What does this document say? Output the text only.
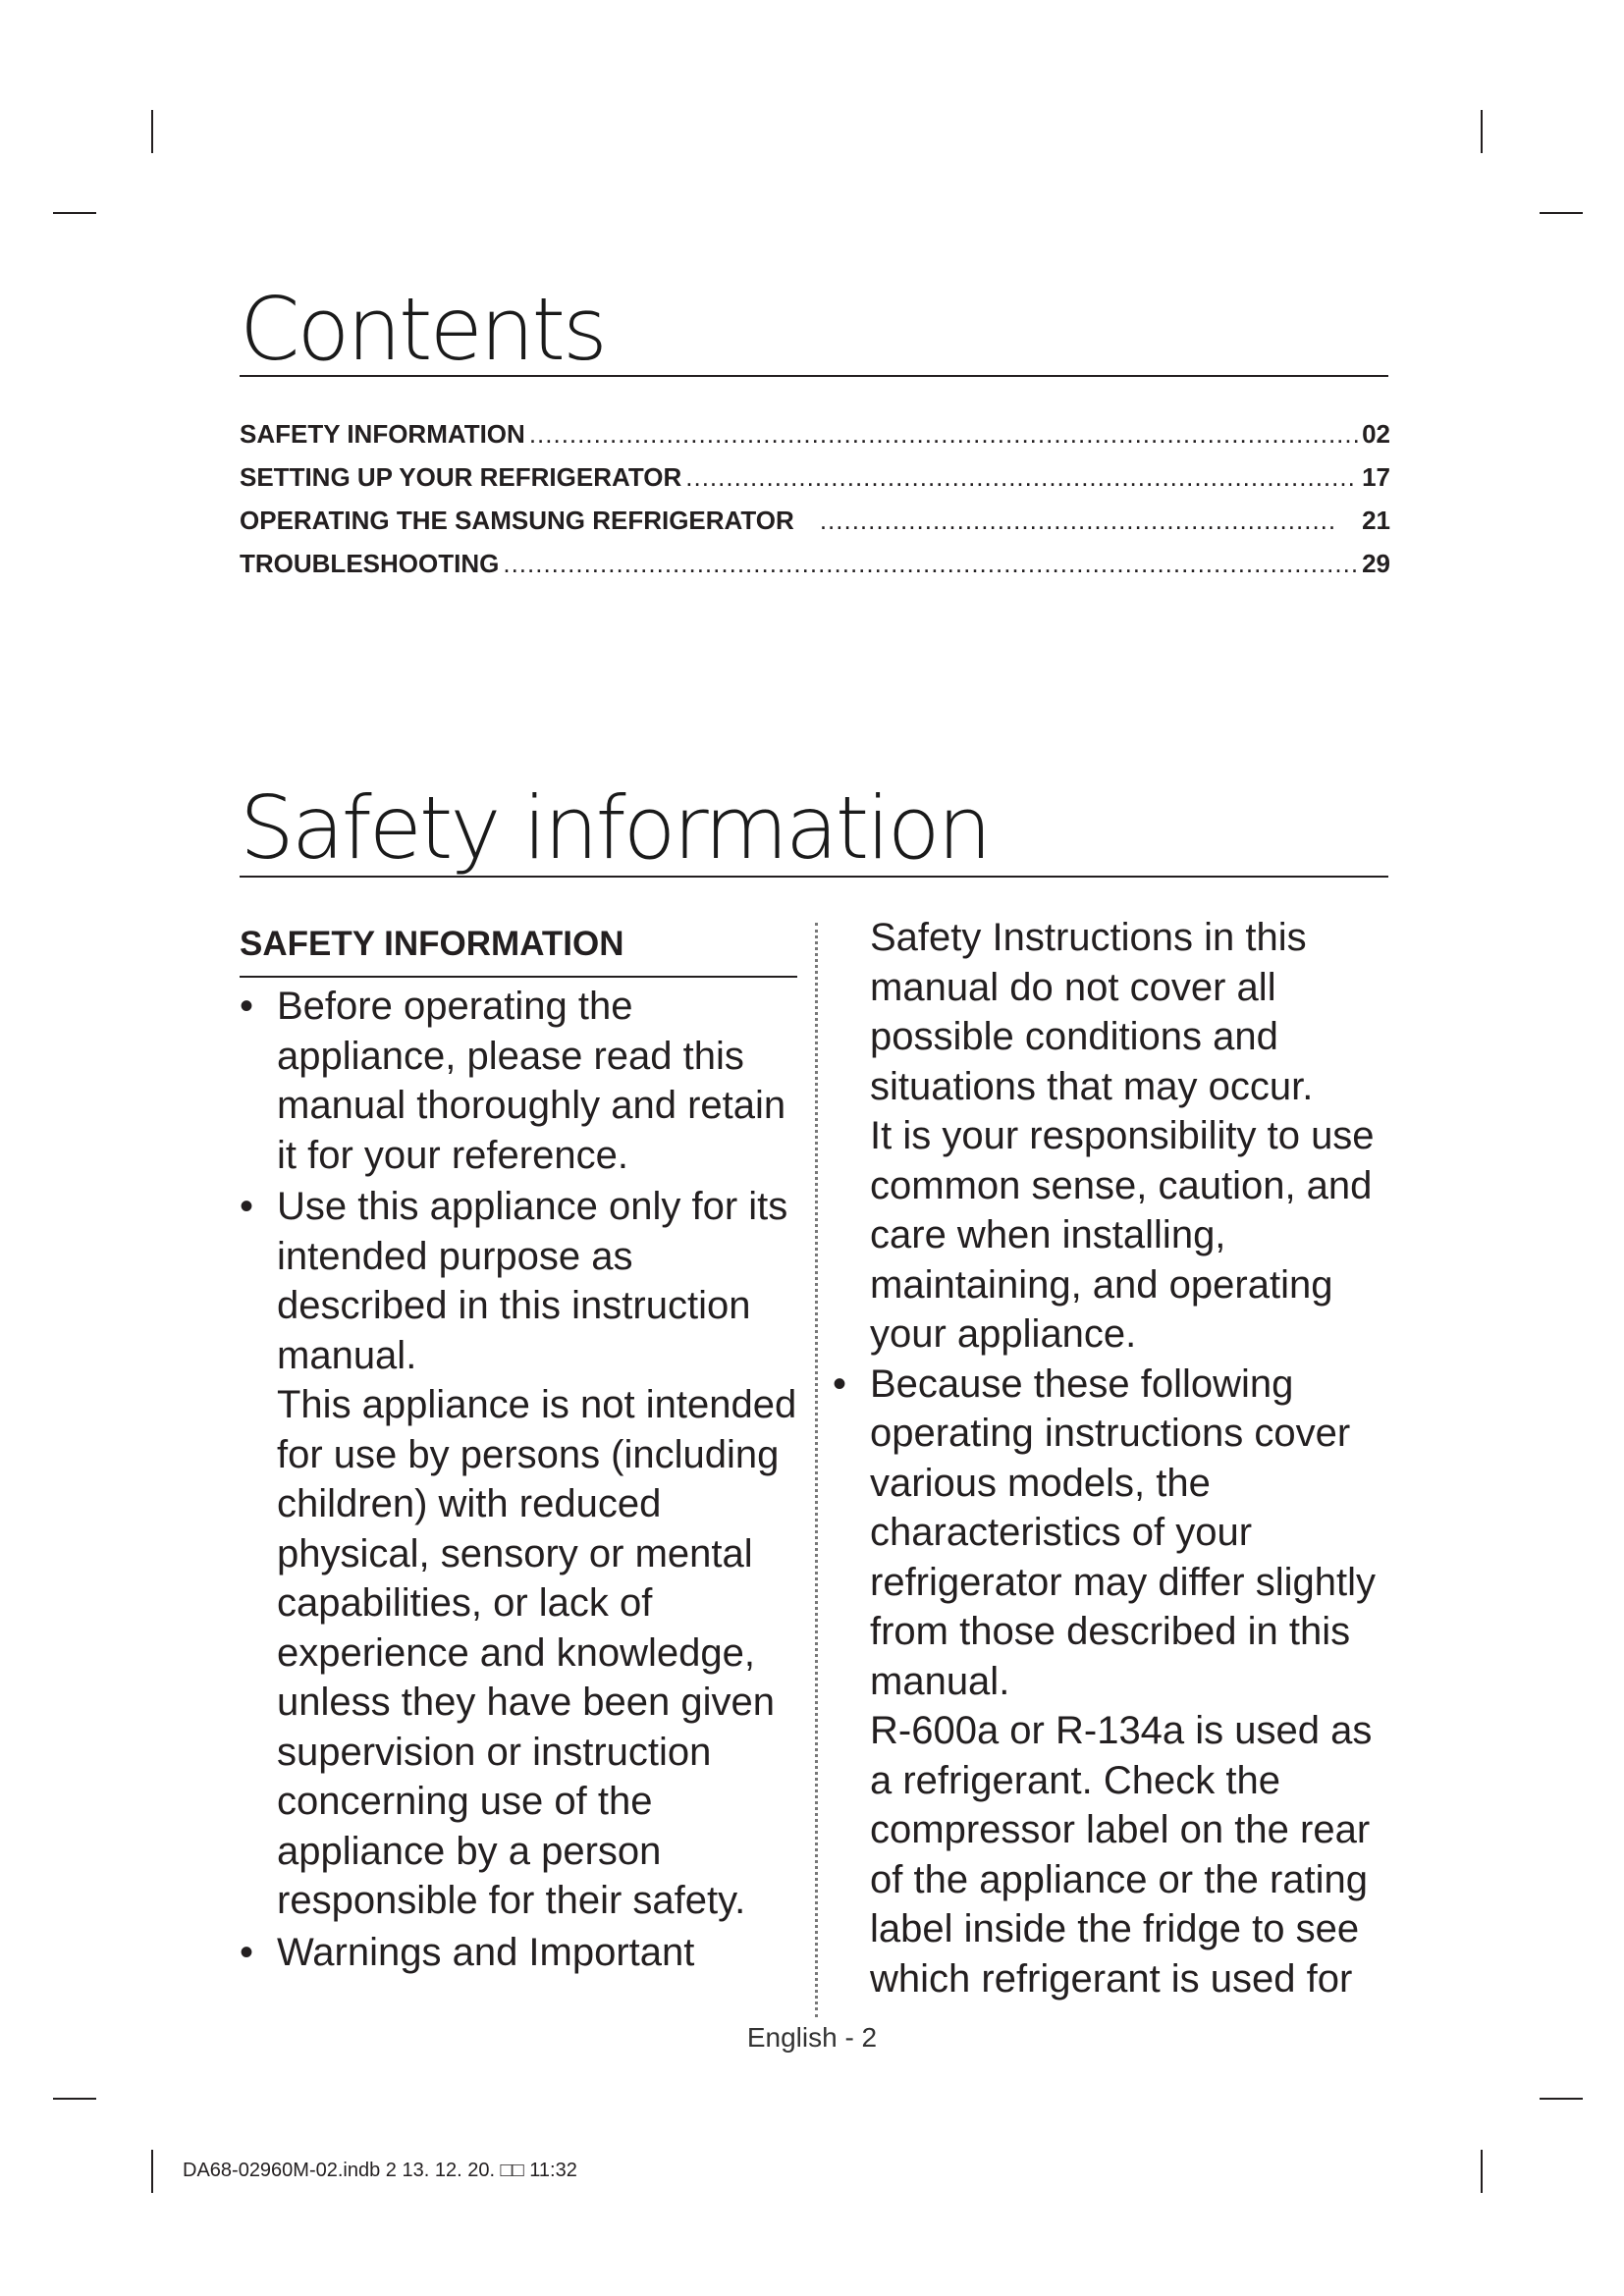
Contents
SAFETY INFORMATION .....	02
SETTING UP YOUR REFRIGERATOR .....	17
OPERATING THE SAMSUNG REFRIGERATOR .....	21
TROUBLESHOOTING .....	29
Safety information
SAFETY INFORMATION
• Before operating the appliance, please read this manual thoroughly and retain it for your reference.
• Use this appliance only for its intended purpose as described in this instruction manual.
This appliance is not intended for use by persons (including children) with reduced physical, sensory or mental capabilities, or lack of experience and knowledge, unless they have been given supervision or instruction concerning use of the appliance by a person responsible for their safety.
• Warnings and Important
Safety Instructions in this manual do not cover all possible conditions and situations that may occur.
It is your responsibility to use common sense, caution, and care when installing, maintaining, and operating your appliance.
• Because these following operating instructions cover various models, the characteristics of your refrigerator may differ slightly from those described in this manual.
R-600a or R-134a is used as a refrigerant. Check the compressor label on the rear of the appliance or the rating label inside the fridge to see which refrigerant is used for
English - 2
DA68-02960M-02.indb 2 13. 12. 20. □□ 11:32
